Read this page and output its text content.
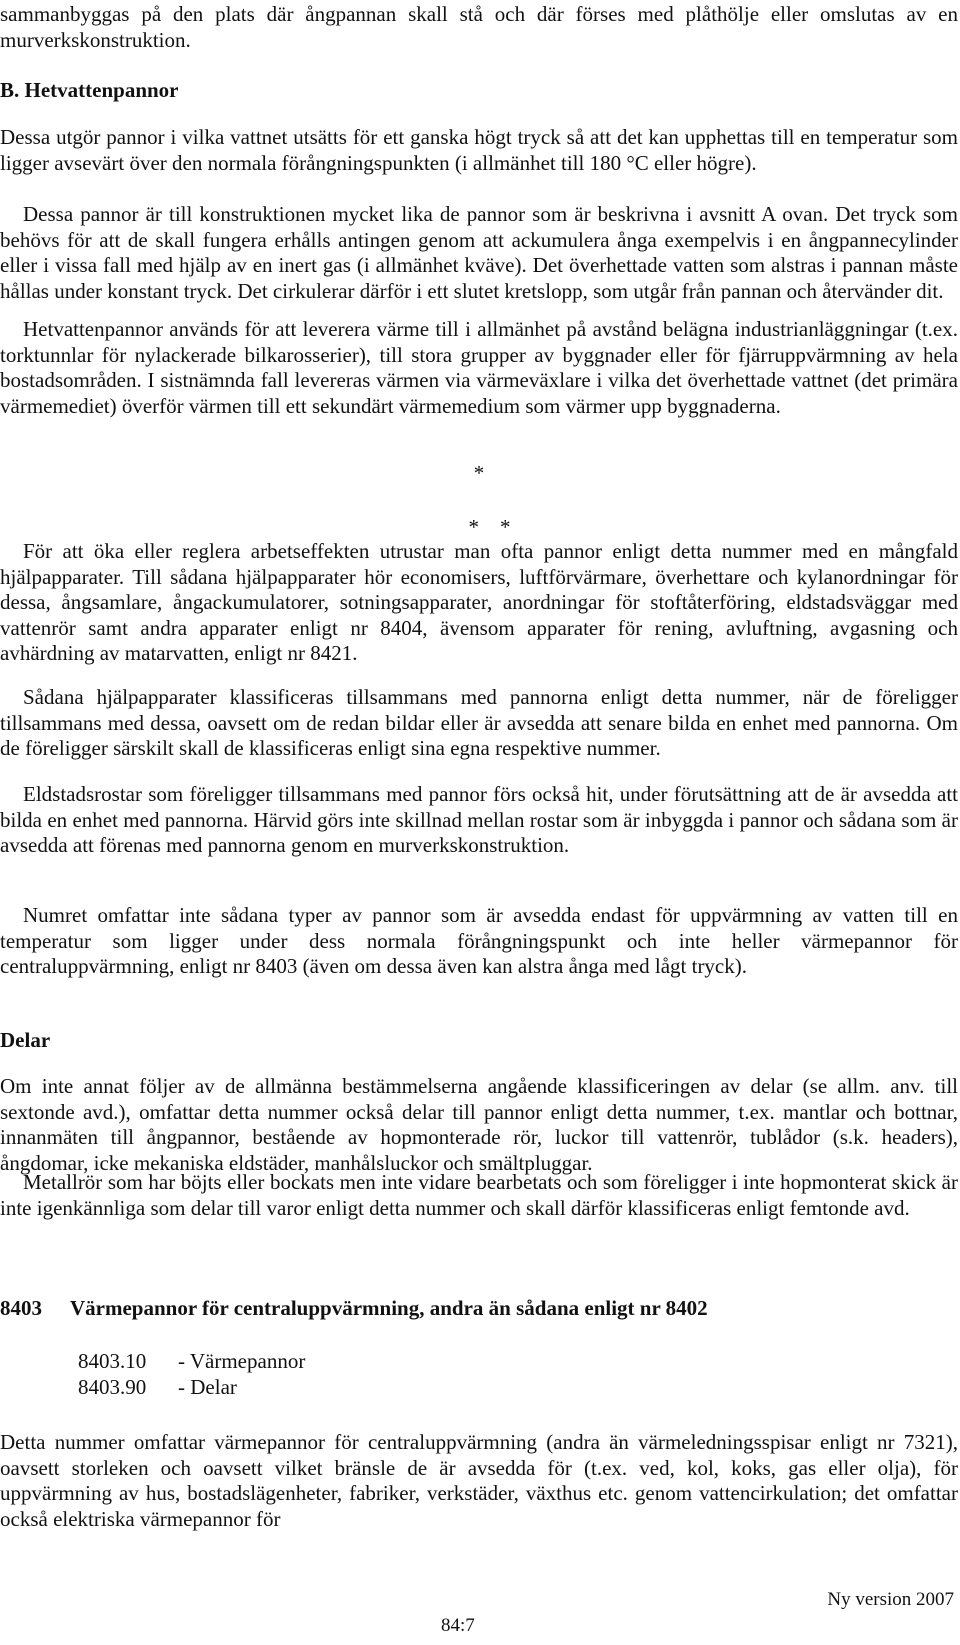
sammanbyggas på den plats där ångpannan skall stå och där förses med plåthölje eller omslutas av en murverkskonstruktion.

B. Hetvattenpannor

Dessa utgör pannor i vilka vattnet utsätts för ett ganska högt tryck så att det kan upphettas till en temperatur som ligger avsevärt över den normala förångningspunkten (i allmänhet till 180 °C eller högre).

Dessa pannor är till konstruktionen mycket lika de pannor som är beskrivna i avsnitt A ovan. Det tryck som behövs för att de skall fungera erhålls antingen genom att ackumulera ånga exempelvis i en ångpannecylinder eller i vissa fall med hjälp av en inert gas (i allmänhet kväve). Det överhettade vatten som alstras i pannan måste hållas under konstant tryck. Det cirkulerar därför i ett slutet kretslopp, som utgår från pannan och återvänder dit.

Hetvattenpannor används för att leverera värme till i allmänhet på avstånd belägna industrianläggningar (t.ex. torktunnlar för nylackerade bilkarosserier), till stora grupper av byggnader eller för fjärruppvärmning av hela bostadsområden. I sistnämnda fall levereras värmen via värmeväxlare i vilka det överhettade vattnet (det primära värmemediet) överför värmen till ett sekundärt värmemedium som värmer upp byggnaderna.

*

*    *

För att öka eller reglera arbetseffekten utrustar man ofta pannor enligt detta nummer med en mångfald hjälpapparater. Till sådana hjälpapparater hör economisers, luftförvärmare, överhettare och kylanordningar för dessa, ångsamlare, ångackumulatorer, sotningsapparater, anordningar för stoftåterföring, eldstadsväggar med vattenrör samt andra apparater enligt nr 8404, ävensom apparater för rening, avluftning, avgasning och avhärdning av matarvatten, enligt nr 8421.

Sådana hjälpapparater klassificeras tillsammans med pannorna enligt detta nummer, när de föreligger tillsammans med dessa, oavsett om de redan bildar eller är avsedda att senare bilda en enhet med pannorna. Om de föreligger särskilt skall de klassificeras enligt sina egna respektive nummer.

Eldstadsrostar som föreligger tillsammans med pannor förs också hit, under förutsättning att de är avsedda att bilda en enhet med pannorna. Härvid görs inte skillnad mellan rostar som är inbyggda i pannor och sådana som är avsedda att förenas med pannorna genom en murverkskonstruktion.

Numret omfattar inte sådana typer av pannor som är avsedda endast för uppvärmning av vatten till en temperatur som ligger under dess normala förångningspunkt och inte heller värmepannor för centraluppvärmning, enligt nr 8403 (även om dessa även kan alstra ånga med lågt tryck).

Delar

Om inte annat följer av de allmänna bestämmelserna angående klassificeringen av delar (se allm. anv. till sextonde avd.), omfattar detta nummer också delar till pannor enligt detta nummer, t.ex. mantlar och bottnar, innanmäten till ångpannor, bestående av hopmonterade rör, luckor till vattenrör, tublådor (s.k. headers), ångdomar, icke mekaniska eldstäder, manhålsluckor och smältpluggar.

Metallrör som har böjts eller bockats men inte vidare bearbetats och som föreligger i inte hopmonterat skick är inte igenkännliga som delar till varor enligt detta nummer och skall därför klassificeras enligt femtonde avd.

8403 Värmepannor för centraluppvärmning, andra än sådana enligt nr 8402
8403.10 - Värmepannor
8403.90 - Delar

Detta nummer omfattar värmepannor för centraluppvärmning (andra än värmeledningsspisar enligt nr 7321), oavsett storleken och oavsett vilket bränsle de är avsedda för (t.ex. ved, kol, koks, gas eller olja), för uppvärmning av hus, bostadslägenheter, fabriker, verkstäder, växthus etc. genom vattencirkulation; det omfattar också elektriska värmepannor för

Ny version 2007
84:7
